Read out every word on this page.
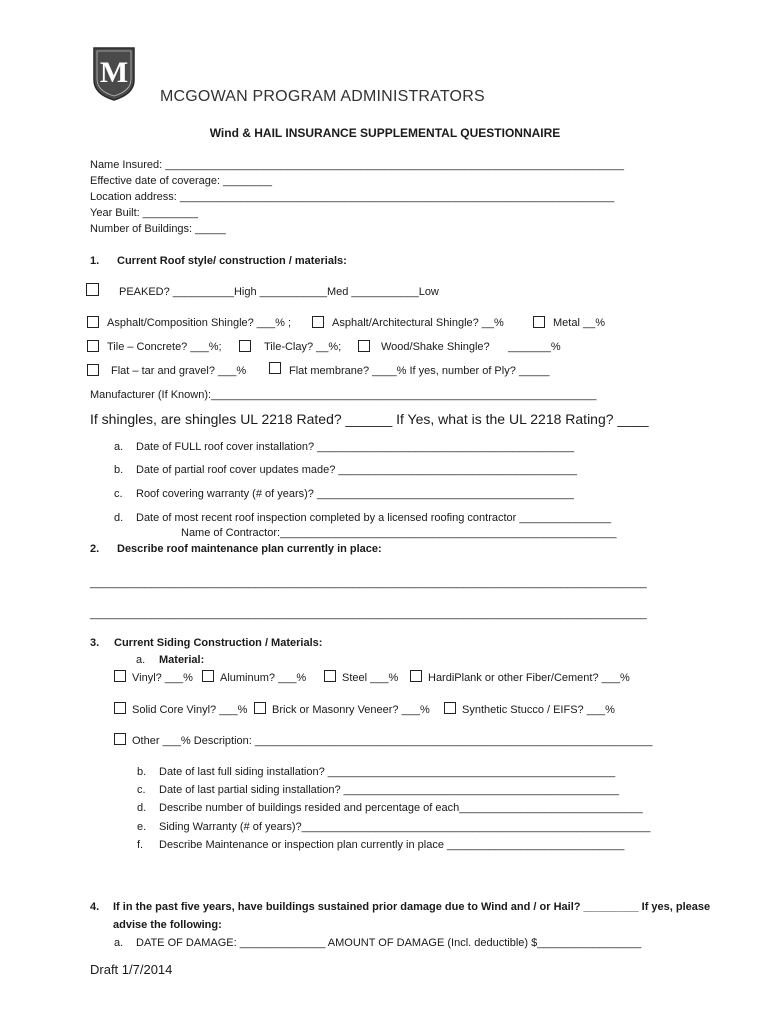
M
MCGOWAN PROGRAM ADMINISTRATORS
Wind & HAIL INSURANCE SUPPLEMENTAL QUESTIONNAIRE
Name Insured: ___________________________________________________________________________
Effective date of coverage: ________
Location address: _______________________________________________________________________
Year Built: _________
Number of Buildings: _____
1. Current Roof style/ construction / materials:
PEAKED? __________High ___________Med ___________Low
Asphalt/Composition Shingle? ___% ;	Asphalt/Architectural Shingle? __%	Metal __%
Tile – Concrete? ___%;	Tile-Clay? __%;	Wood/Shake Shingle? _______%
Flat – tar and gravel? ___%	Flat membrane? ____% If yes, number of Ply? _____
Manufacturer (If Known):_______________________________________________________________
If shingles, are shingles UL 2218 Rated? ______ If Yes, what is the UL 2218 Rating? ____
a. Date of FULL roof cover installation? __________________________________________
b. Date of partial roof cover updates made? _______________________________________
c. Roof covering warranty (# of years)? __________________________________________
d. Date of most recent roof inspection completed by a licensed roofing contractor _______________
Name of Contractor:_______________________________________________________
2. Describe roof maintenance plan currently in place:
___________________________________________________________________________________________
___________________________________________________________________________________________
3. Current Siding Construction / Materials:
a. Material:
Vinyl? ___% Aluminum? ___%	Steel ___%	HardiPlank or other Fiber/Cement? ___%
Solid Core Vinyl? ___% Brick or Masonry Veneer? ___%	Synthetic Stucco / EIFS? ___%
Other ___% Description: _________________________________________________________________
b. Date of last full siding installation? _______________________________________________
c. Date of last partial siding installation? _____________________________________________
d. Describe number of buildings resided and percentage of each______________________________
e. Siding Warranty (# of years)?_________________________________________________________
f. Describe Maintenance or inspection plan currently in place _____________________________
4. If in the past five years, have buildings sustained prior damage due to Wind and / or Hail? _________ If yes, please
advise the following:
a. DATE OF DAMAGE: ______________ AMOUNT OF DAMAGE (Incl. deductible) $_________________
Draft 1/7/2014
